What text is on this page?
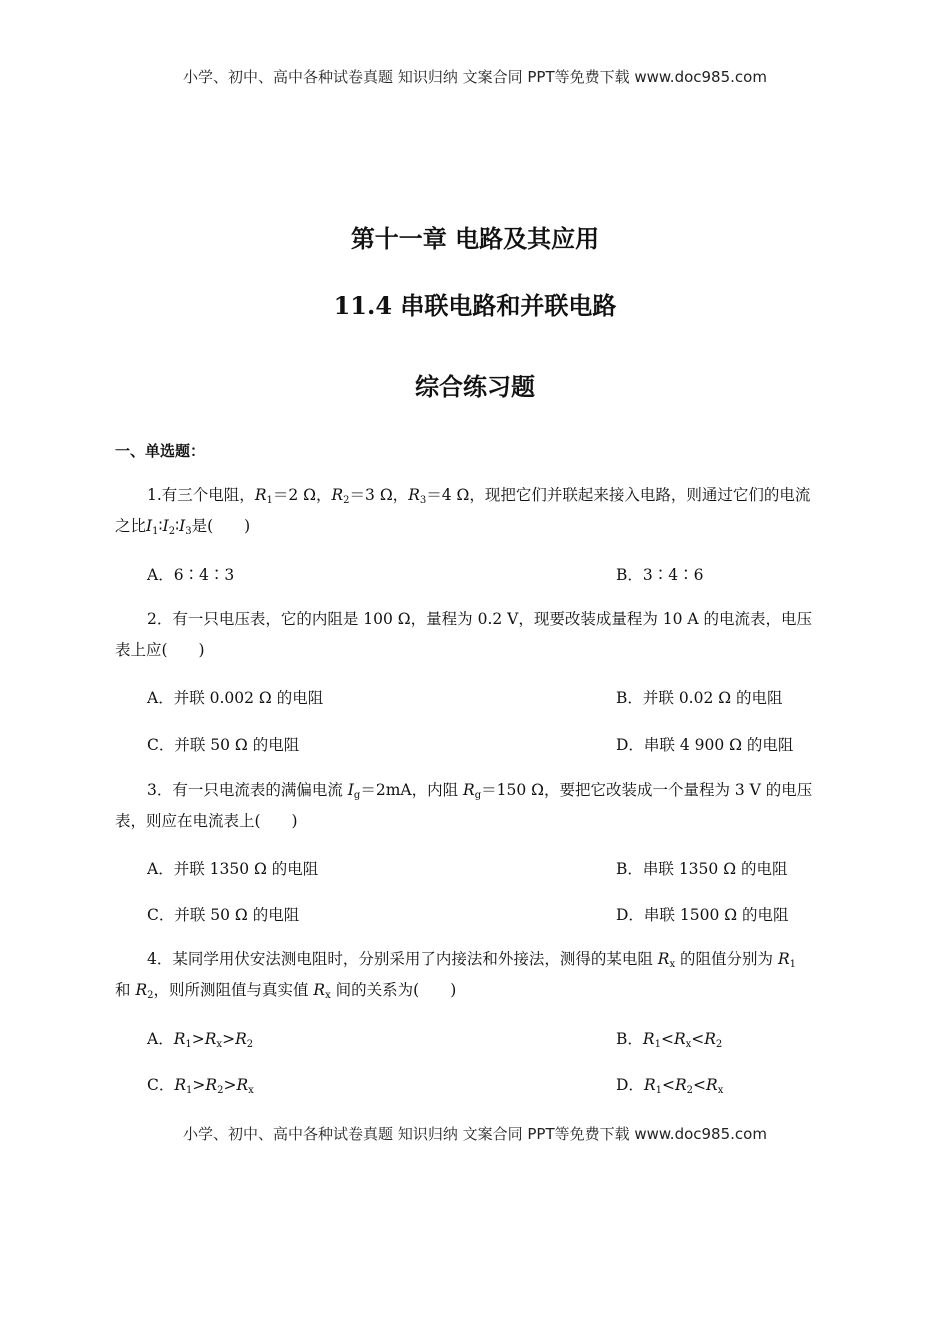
小学、初中、高中各种试卷真题 知识归纳 文案合同 PPT等免费下载 www.doc985.com
第十一章 电路及其应用
11.4 串联电路和并联电路
综合练习题
一、单选题：
1.有三个电阻，$R_1=2$ Ω，$R_2=3$ Ω，$R_3=4$ Ω，现把它们并联起来接入电路，则通过它们的电流
之比$I_1∶I_2∶I_3$是(　　)
A．6∶4∶3	B．3∶4∶6
2．有一只电压表，它的内阻是 100 Ω，量程为 0.2 V，现要改装成量程为 10 A 的电流表，电压
表上应(　　)
A．并联 0.002 Ω 的电阻	B．并联 0.02 Ω 的电阻
C．并联 50 Ω 的电阻	D．串联 4 900 Ω 的电阻
3．有一只电流表的满偏电流 $I_g=2mA$，内阻 $R_g=150$ Ω，要把它改装成一个量程为 3 V 的电压
表，则应在电流表上(　　)
A．并联 1350 Ω 的电阻	B．串联 1350 Ω 的电阻
C．并联 50 Ω 的电阻	D．串联 1500 Ω 的电阻
4．某同学用伏安法测电阻时，分别采用了内接法和外接法，测得的某电阻 $R_x$ 的阻值分别为 $R_1$
和 $R_2$，则所测阻值与真实值 $R_x$ 间的关系为(　　)
A．$R_1>R_x>R_2$	B．$R_1<R_x<R_2$
C．$R_1>R_2>R_x$	D．$R_1<R_2<R_x$
小学、初中、高中各种试卷真题 知识归纳 文案合同 PPT等免费下载 www.doc985.com
